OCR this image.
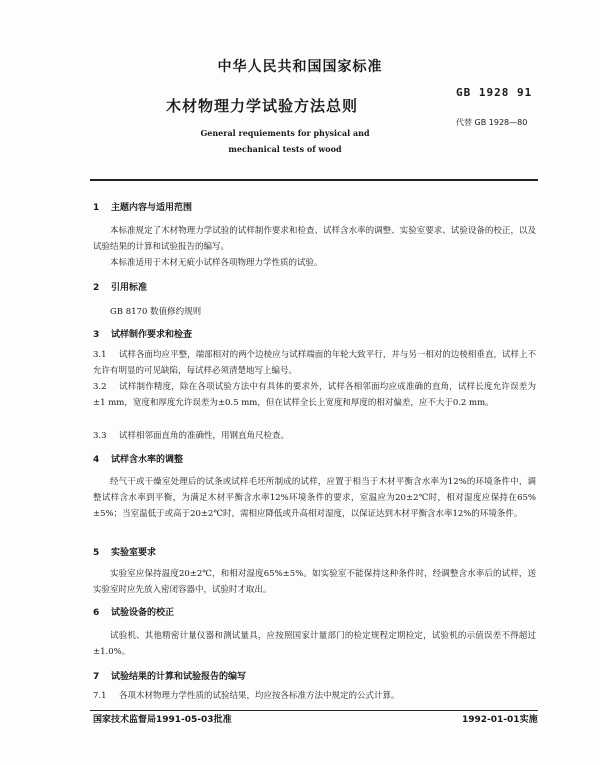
中华人民共和国国家标准
GB 1928 91
木材物理力学试验方法总则
代替 GB 1928—80
General requiements for physical and
mechanical tests of wood
1 主题内容与适用范围
本标准规定了木材物理力学试验的试样制作要求和检查、试样含水率的调整、实验室要求、试验设备的校正，以及试验结果的计算和试验报告的编写。
本标准适用于木材无疵小试样各项物理力学性质的试验。
2 引用标准
GB 8170 数值修约规则
3 试样制作要求和检查
3.1 试样各面均应平整，端部相对的两个边棱应与试样端面的年轮大致平行，并与另一相对的边棱相垂直，试样上不允许有明显的可见缺陷，每试样必须清楚地写上编号。
3.2 试样制作精度，除在各项试验方法中有具体的要求外，试样各相邻面均应成准确的直角，试样长度允许误差为±1 mm，宽度和厚度允许误差为±0.5 mm，但在试样全长上宽度和厚度的相对偏差，应不大于0.2 mm。
3.3 试样相邻面直角的准确性，用钢直角尺检查。
4 试样含水率的调整
经气干或干燥室处理后的试条或试样毛坯所制成的试样，应置于相当于木材平衡含水率为12%的环境条件中，调整试样含水率到平衡，为满足木材平衡含水率12%环境条件的要求，室温应为20±2℃时，相对湿度应保持在65%±5%；当室温低于或高于20±2℃时，需相应降低或升高相对湿度，以保证达到木材平衡含水率12%的环境条件。
5 实验室要求
实验室应保持温度20±2℃，和相对湿度65%±5%。如实验室不能保持这种条件时，经调整含水率后的试样，送实验室时应先放入密闭容器中，试验时才取出。
6 试验设备的校正
试验机、其他精密计量仪器和测试量具，应按照国家计量部门的检定规程定期检定，试验机的示值误差不得超过±1.0%。
7 试验结果的计算和试验报告的编写
7.1 各项木材物理力学性质的试验结果，均应按各标准方法中规定的公式计算。
国家技术监督局1991-05-03批准	1992-01-01实施
